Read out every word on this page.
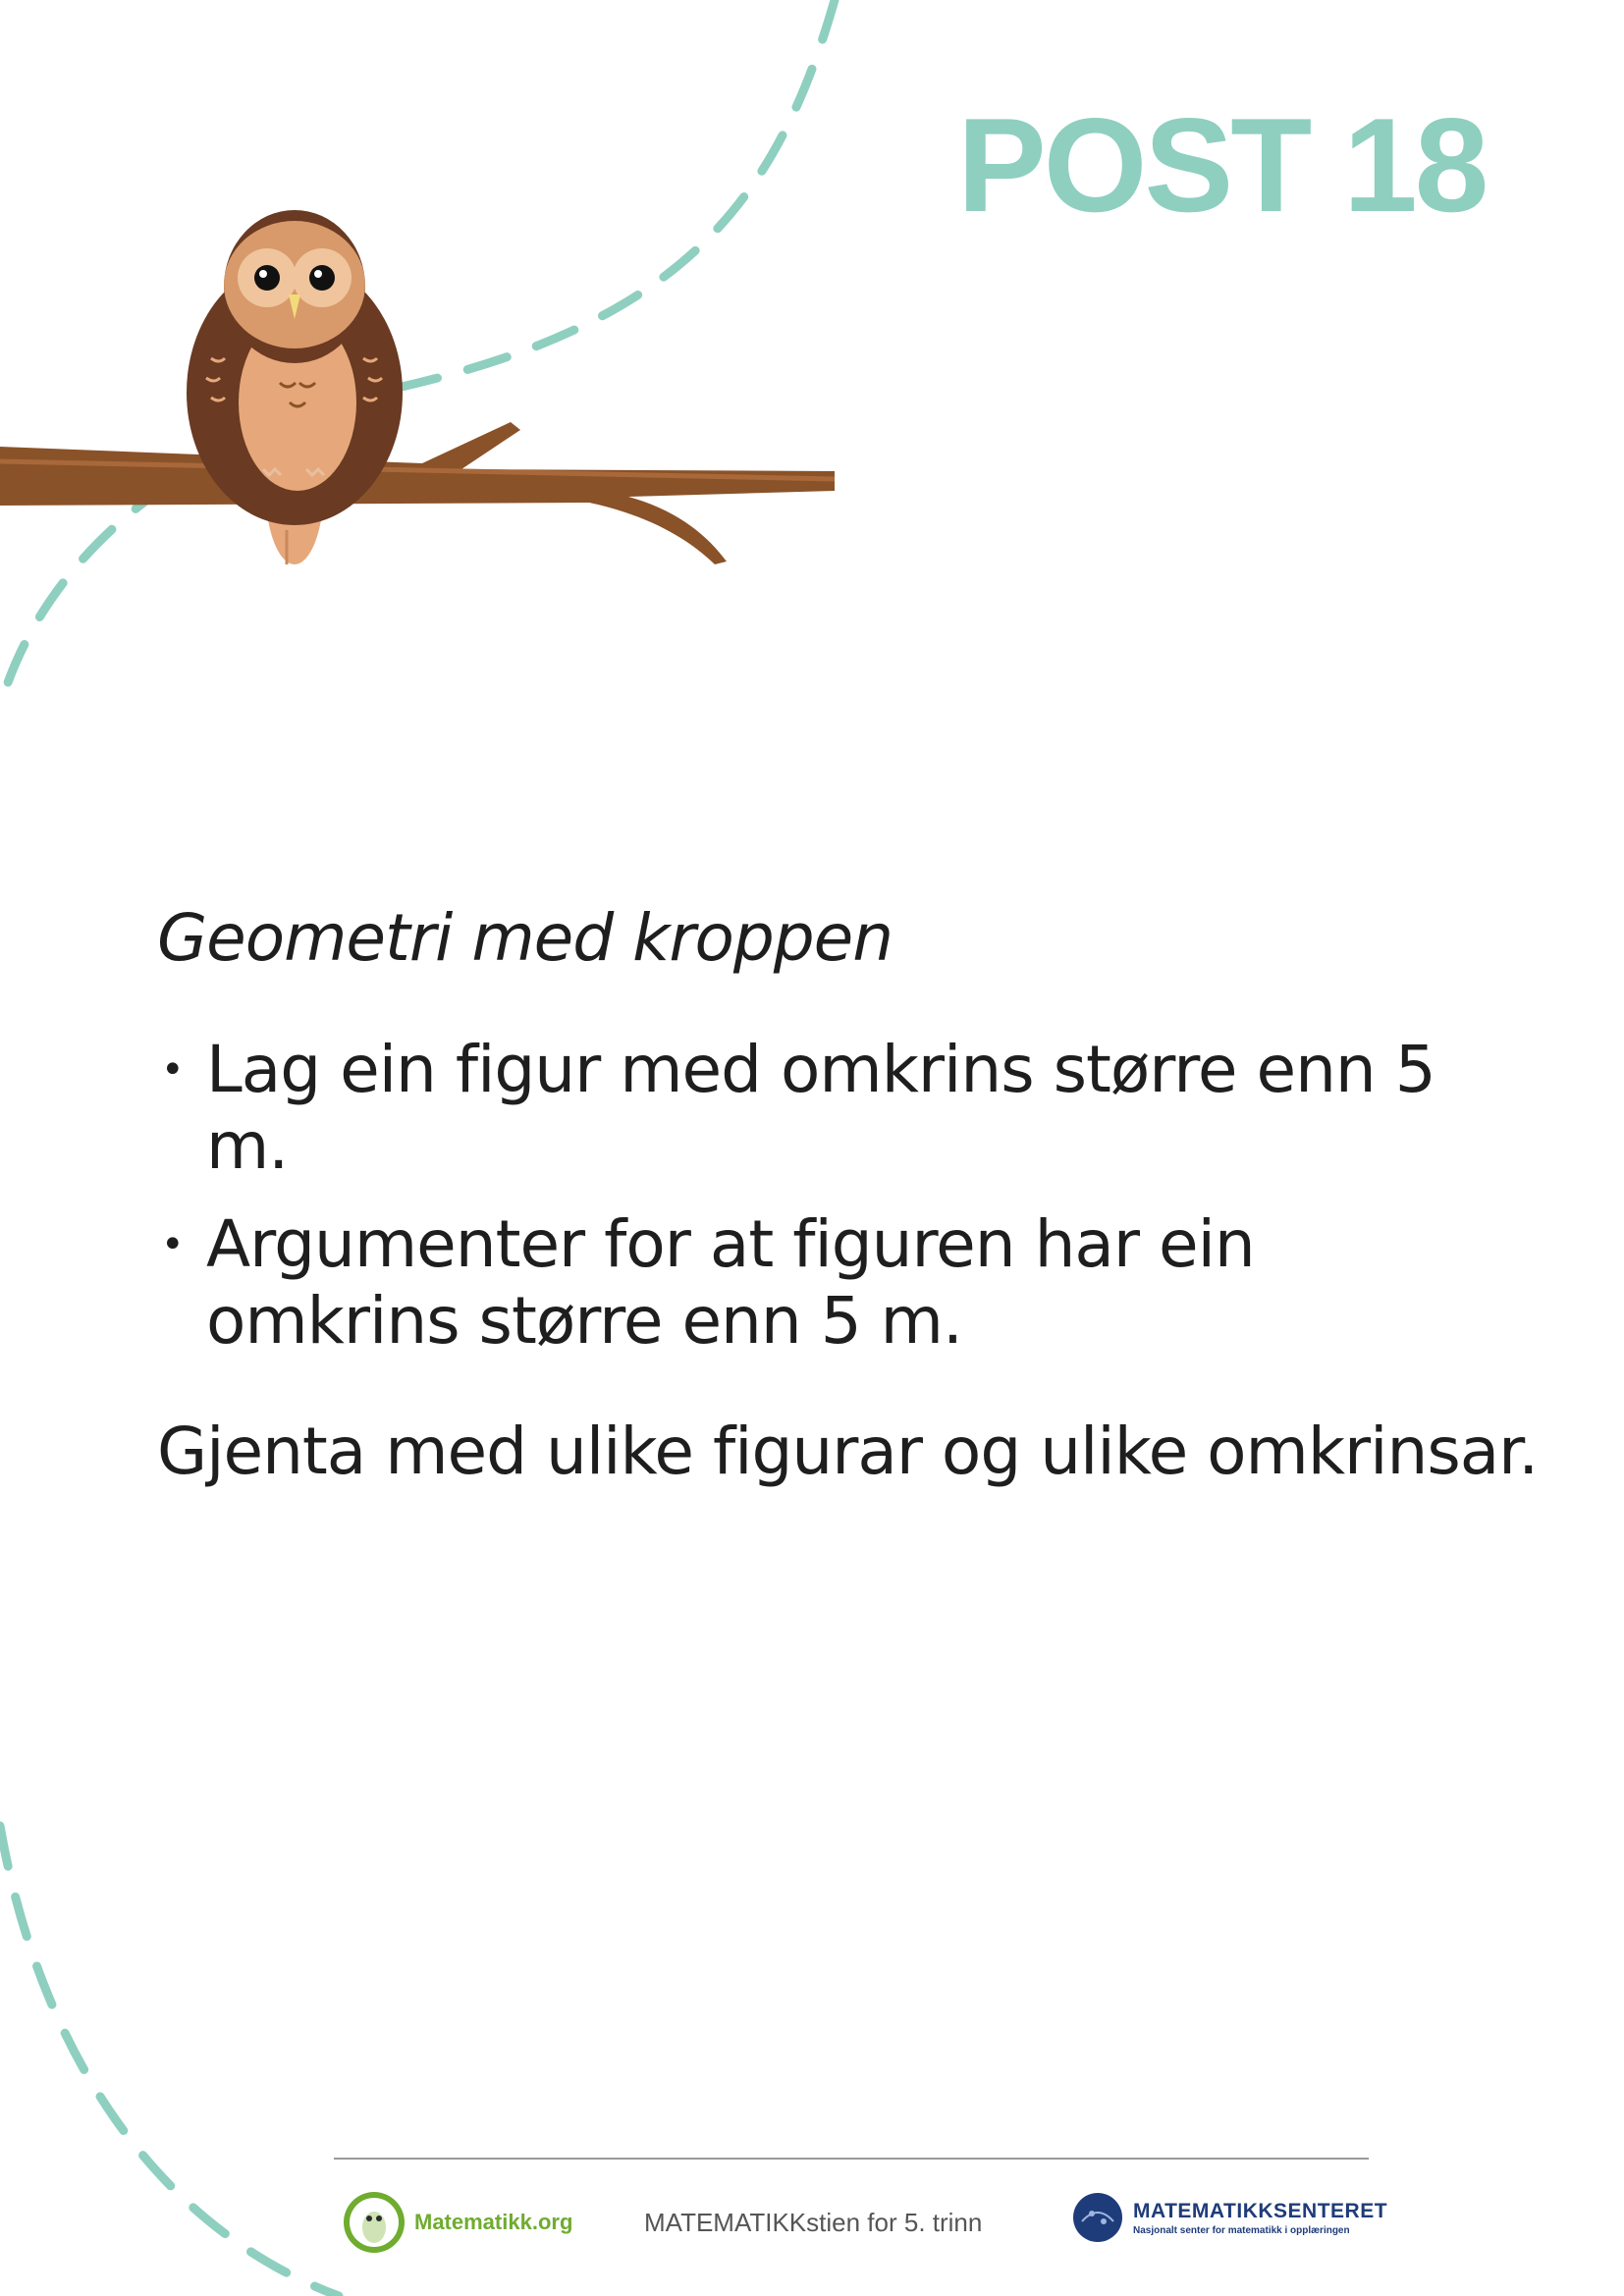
POST 18
Geometri med kroppen
• Lag ein figur med omkrins større enn 5 m.
• Argumenter for at figuren har ein omkrins større enn 5 m.
Gjenta med ulike figurar og ulike omkrinsar.
Matematikk.org	MATEMATIKKstien for 5. trinn	MATEMATIKKSENTERET
Nasjonalt senter for matematikk i opplæringen
